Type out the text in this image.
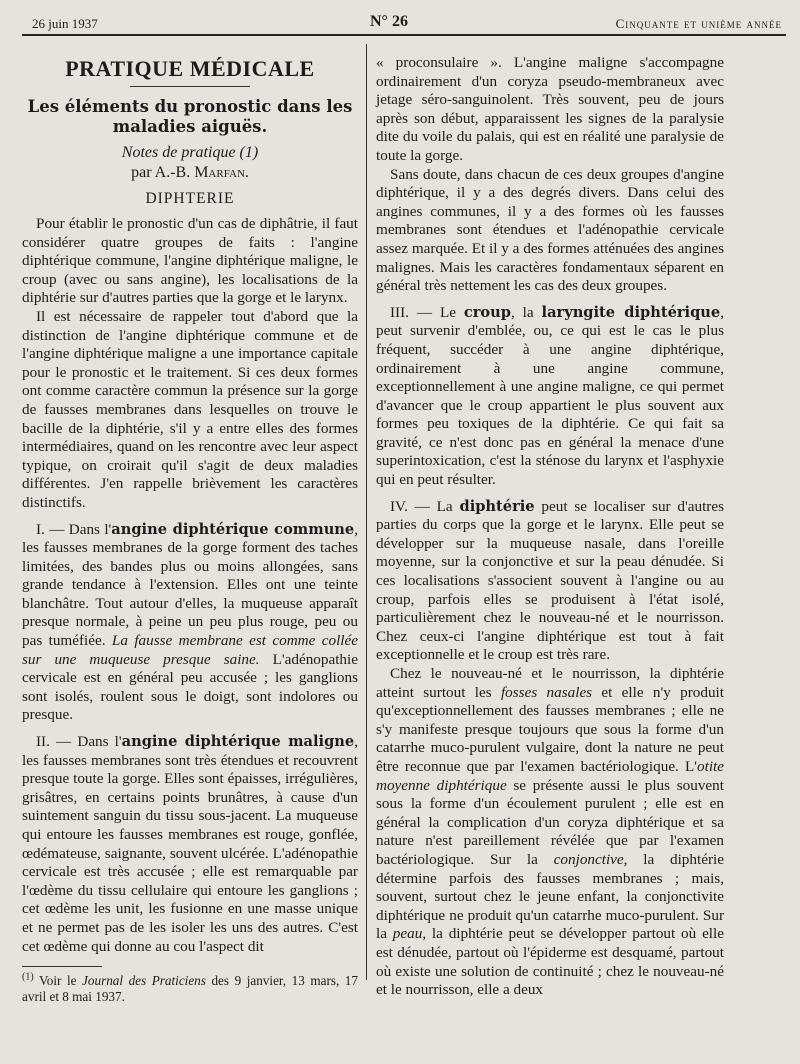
26 juin 1937	N° 26	Cinquante et unième année
PRATIQUE MÉDICALE
Les éléments du pronostic dans les maladies aiguës.
Notes de pratique (1)
par A.-B. Marfan.
DIPHTERIE

Pour établir le pronostic d'un cas de diphâtrie, il faut considérer quatre groupes de faits : l'angine diphtérique commune, l'angine diphtérique maligne, le croup (avec ou sans angine), les localisations de la diphtérie sur d'autres parties que la gorge et le larynx.

Il est nécessaire de rappeler tout d'abord que la distinction de l'angine diphtérique commune et de l'angine diphtérique maligne a une importance capitale pour le pronostic et le traitement. Si ces deux formes ont comme caractère commun la présence sur la gorge de fausses membranes dans lesquelles on trouve le bacille de la diphtérie, s'il y a entre elles des formes intermédiaires, quand on les rencontre avec leur aspect typique, on croirait qu'il s'agit de deux maladies différentes. J'en rappelle brièvement les caractères distinctifs.

I. — Dans l'angine diphtérique commune, les fausses membranes de la gorge forment des taches limitées, des bandes plus ou moins allongées, sans grande tendance à l'extension. Elles ont une teinte blanchâtre. Tout autour d'elles, la muqueuse apparaît presque normale, à peine un peu plus rouge, peu ou pas tuméfiée. La fausse membrane est comme collée sur une muqueuse presque saine. L'adénopathie cervicale est en général peu accusée ; les ganglions sont isolés, roulent sous le doigt, sont indolores ou presque.

II. — Dans l'angine diphtérique maligne, les fausses membranes sont très étendues et recouvrent presque toute la gorge. Elles sont épaisses, irrégulières, grisâtres, en certains points brunâtres, à cause d'un suintement sanguin du tissu sous-jacent. La muqueuse qui entoure les fausses membranes est rouge, gonflée, œdémateuse, saignante, souvent ulcérée. L'adénopathie cervicale est très accusée ; elle est remarquable par l'œdème du tissu cellulaire qui entoure les ganglions ; cet œdème les unit, les fusionne en une masse unique et ne permet pas de les isoler les uns des autres. C'est cet œdème qui donne au cou l'aspect dit

$^{(1)}$ Voir le Journal des Praticiens des 9 janvier, 13 mars, 17 avril et 8 mai 1937.

« proconsulaire ». L'angine maligne s'accompagne ordinairement d'un coryza pseudo-membraneux avec jetage séro-sanguinolent. Très souvent, peu de jours après son début, apparaissent les signes de la paralysie dite du voile du palais, qui est en réalité une paralysie de toute la gorge.

Sans doute, dans chacun de ces deux groupes d'angine diphtérique, il y a des degrés divers. Dans celui des angines communes, il y a des formes où les fausses membranes sont étendues et l'adénopathie cervicale assez marquée. Et il y a des formes atténuées des angines malignes. Mais les caractères fondamentaux séparent en général très nettement les cas des deux groupes.

III. — Le croup, la laryngite diphtérique, peut survenir d'emblée, ou, ce qui est le cas le plus fréquent, succéder à une angine diphtérique, ordinairement à une angine commune, exceptionnellement à une angine maligne, ce qui permet d'avancer que le croup appartient le plus souvent aux formes peu toxiques de la diphtérie. Ce qui fait sa gravité, ce n'est donc pas en général la menace d'une superintoxication, c'est la sténose du larynx et l'asphyxie qui en peut résulter.

IV. — La diphtérie peut se localiser sur d'autres parties du corps que la gorge et le larynx. Elle peut se développer sur la muqueuse nasale, dans l'oreille moyenne, sur la conjonctive et sur la peau dénudée. Si ces localisations s'associent souvent à l'angine ou au croup, parfois elles se produisent à l'état isolé, particulièrement chez le nouveau-né et le nourrisson. Chez ceux-ci l'angine diphtérique est tout à fait exceptionnelle et le croup est très rare.

Chez le nouveau-né et le nourrisson, la diphtérie atteint surtout les fosses nasales et elle n'y produit qu'exceptionnellement des fausses membranes ; elle ne s'y manifeste presque toujours que sous la forme d'un catarrhe muco-purulent vulgaire, dont la nature ne peut être reconnue que par l'examen bactériologique. L'otite moyenne diphtérique se présente aussi le plus souvent sous la forme d'un écoulement purulent ; elle est en général la complication d'un coryza diphtérique et sa nature n'est pareillement révélée que par l'examen bactériologique. Sur la conjonctive, la diphtérie détermine parfois des fausses membranes ; mais, souvent, surtout chez le jeune enfant, la conjonctivite diphtérique ne produit qu'un catarrhe muco-purulent. Sur la peau, la diphtérie peut se développer partout où elle est dénudée, partout où l'épiderme est desquamé, partout où existe une solution de continuité ; chez le nouveau-né et le nourrisson, elle a deux
